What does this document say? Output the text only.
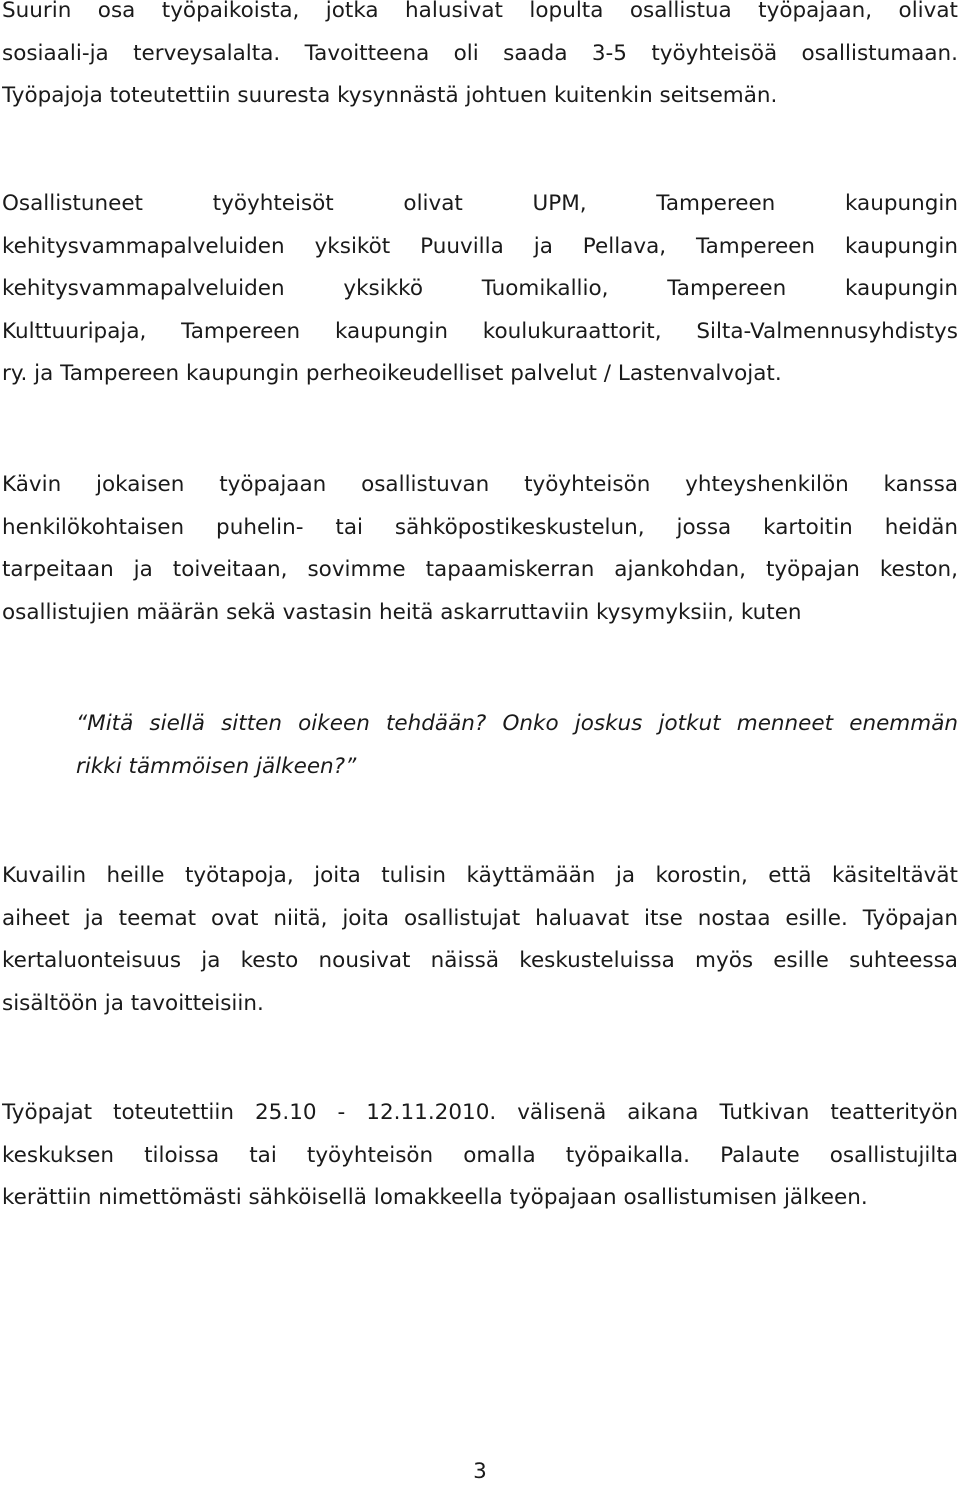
Suurin osa työpaikoista, jotka halusivat lopulta osallistua työpajaan, olivat
sosiaali-ja terveysalalta. Tavoitteena oli saada 3-5 työyhteisöä osallistumaan.
Työpajoja toteutettiin suuresta kysynnästä johtuen kuitenkin seitsemän.

Osallistuneet työyhteisöt olivat UPM, Tampereen kaupungin
kehitysvammapalveluiden yksiköt Puuvilla ja Pellava, Tampereen kaupungin
kehitysvammapalveluiden yksikkö Tuomikallio, Tampereen kaupungin
Kulttuuripaja, Tampereen kaupungin koulukuraattorit, Silta-Valmennusyhdistys
ry. ja Tampereen kaupungin perheoikeudelliset palvelut / Lastenvalvojat.

Kävin jokaisen työpajaan osallistuvan työyhteisön yhteyshenkilön kanssa
henkilökohtaisen puhelin- tai sähköpostikeskustelun, jossa kartoitin heidän
tarpeitaan ja toiveitaan, sovimme tapaamiskerran ajankohdan, työpajan keston,
osallistujien määrän sekä vastasin heitä askarruttaviin kysymyksiin, kuten

“Mitä siellä sitten oikeen tehdään? Onko joskus jotkut menneet enemmän
rikki tämmöisen jälkeen?”

Kuvailin heille työtapoja, joita tulisin käyttämään ja korostin, että käsiteltävät
aiheet ja teemat ovat niitä, joita osallistujat haluavat itse nostaa esille. Työpajan
kertaluonteisuus ja kesto nousivat näissä keskusteluissa myös esille suhteessa
sisältöön ja tavoitteisiin.

Työpajat toteutettiin 25.10 - 12.11.2010. välisenä aikana Tutkivan teatterityön
keskuksen tiloissa tai työyhteisön omalla työpaikalla. Palaute osallistujilta
kerättiin nimettömästi sähköisellä lomakkeella työpajaan osallistumisen jälkeen.

3
